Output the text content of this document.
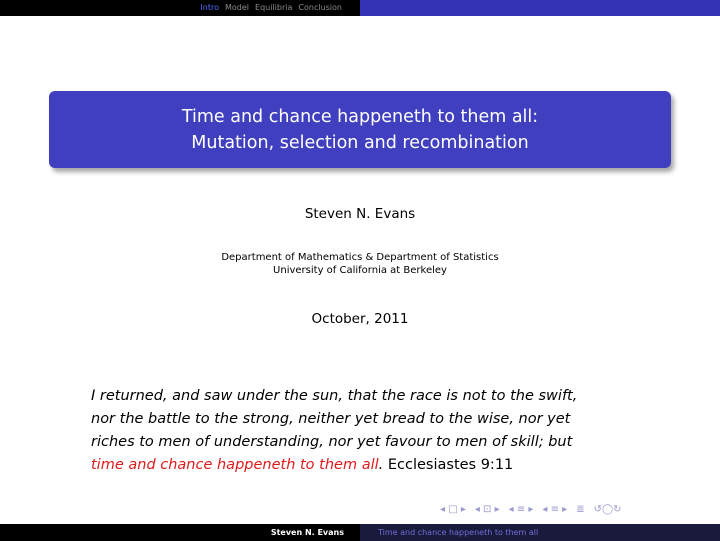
Intro Model Equilibria Conclusion
Time and chance happeneth to them all:
Mutation, selection and recombination
Steven N. Evans
Department of Mathematics & Department of Statistics
University of California at Berkeley
October, 2011
I returned, and saw under the sun, that the race is not to the swift,
nor the battle to the strong, neither yet bread to the wise, nor yet
riches to men of understanding, nor yet favour to men of skill; but
time and chance happeneth to them all. Ecclesiastes 9:11
◂ □ ▸ ◂ ⊡ ▸ ◂ ≡ ▸ ◂ ≡ ▸ ≣ ↺◯↻
Steven N. Evans	Time and chance happeneth to them all
